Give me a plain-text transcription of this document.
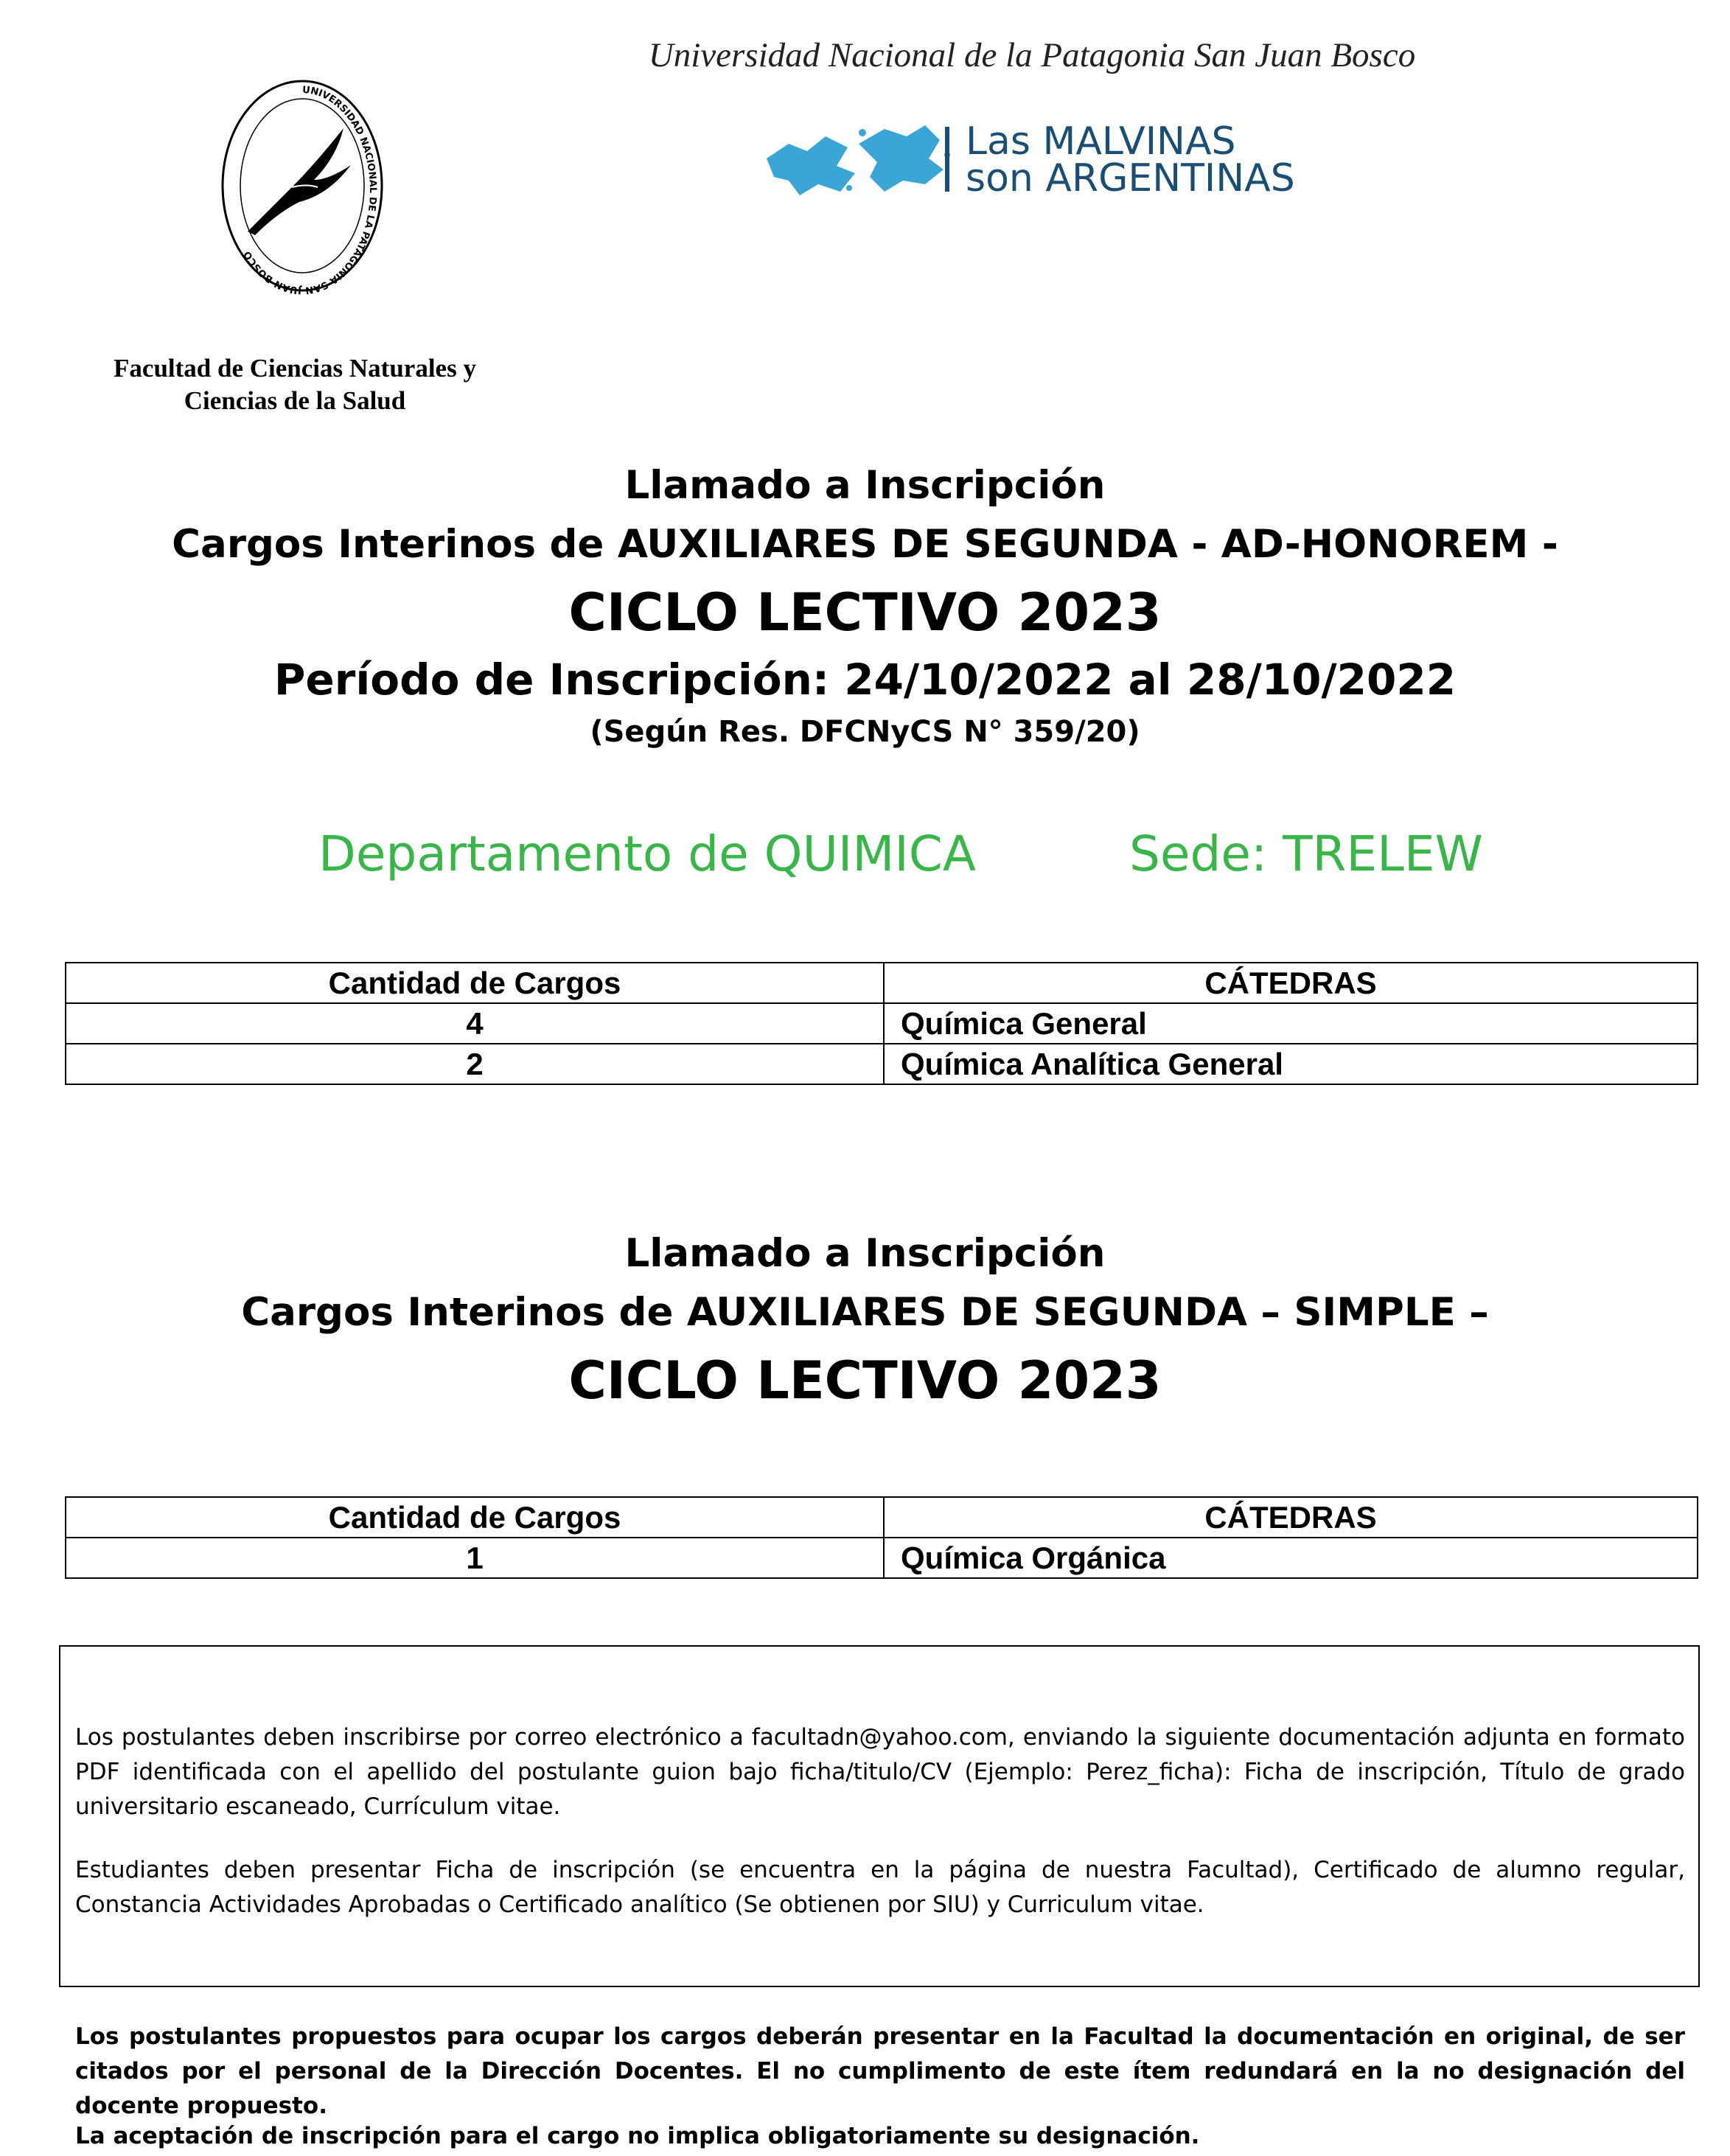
Universidad Nacional de la Patagonia San Juan Bosco
UNIVERSIDAD NACIONAL DE LA PATAGONIA SAN JUAN BOSCO
Las MALVINAS
son ARGENTINAS
Facultad de Ciencias Naturales y
Ciencias de la Salud
Llamado a Inscripción
Cargos Interinos de AUXILIARES DE SEGUNDA - AD-HONOREM -
CICLO LECTIVO 2023
Período de Inscripción: 24/10/2022 al 28/10/2022
(Según Res. DFCNyCS N° 359/20)
Departamento de QUIMICA	Sede: TRELEW
Cantidad de Cargos	CÁTEDRAS
4	Química General
2	Química Analítica General
Llamado a Inscripción
Cargos Interinos de AUXILIARES DE SEGUNDA – SIMPLE –
CICLO LECTIVO 2023
Cantidad de Cargos	CÁTEDRAS
1	Química Orgánica
Los postulantes deben inscribirse por correo electrónico a facultadn@yahoo.com, enviando la siguiente documentación adjunta en formato PDF identificada con el apellido del postulante guion bajo ficha/titulo/CV (Ejemplo: Perez_ficha): Ficha de inscripción, Título de grado universitario escaneado, Currículum vitae.
Estudiantes deben presentar Ficha de inscripción (se encuentra en la página de nuestra Facultad), Certificado de alumno regular, Constancia Actividades Aprobadas o Certificado analítico (Se obtienen por SIU) y Curriculum vitae.
Los postulantes propuestos para ocupar los cargos deberán presentar en la Facultad la documentación en original, de ser citados por el personal de la Dirección Docentes. El no cumplimento de este ítem redundará en la no designación del docente propuesto.
La aceptación de inscripción para el cargo no implica obligatoriamente su designación.
